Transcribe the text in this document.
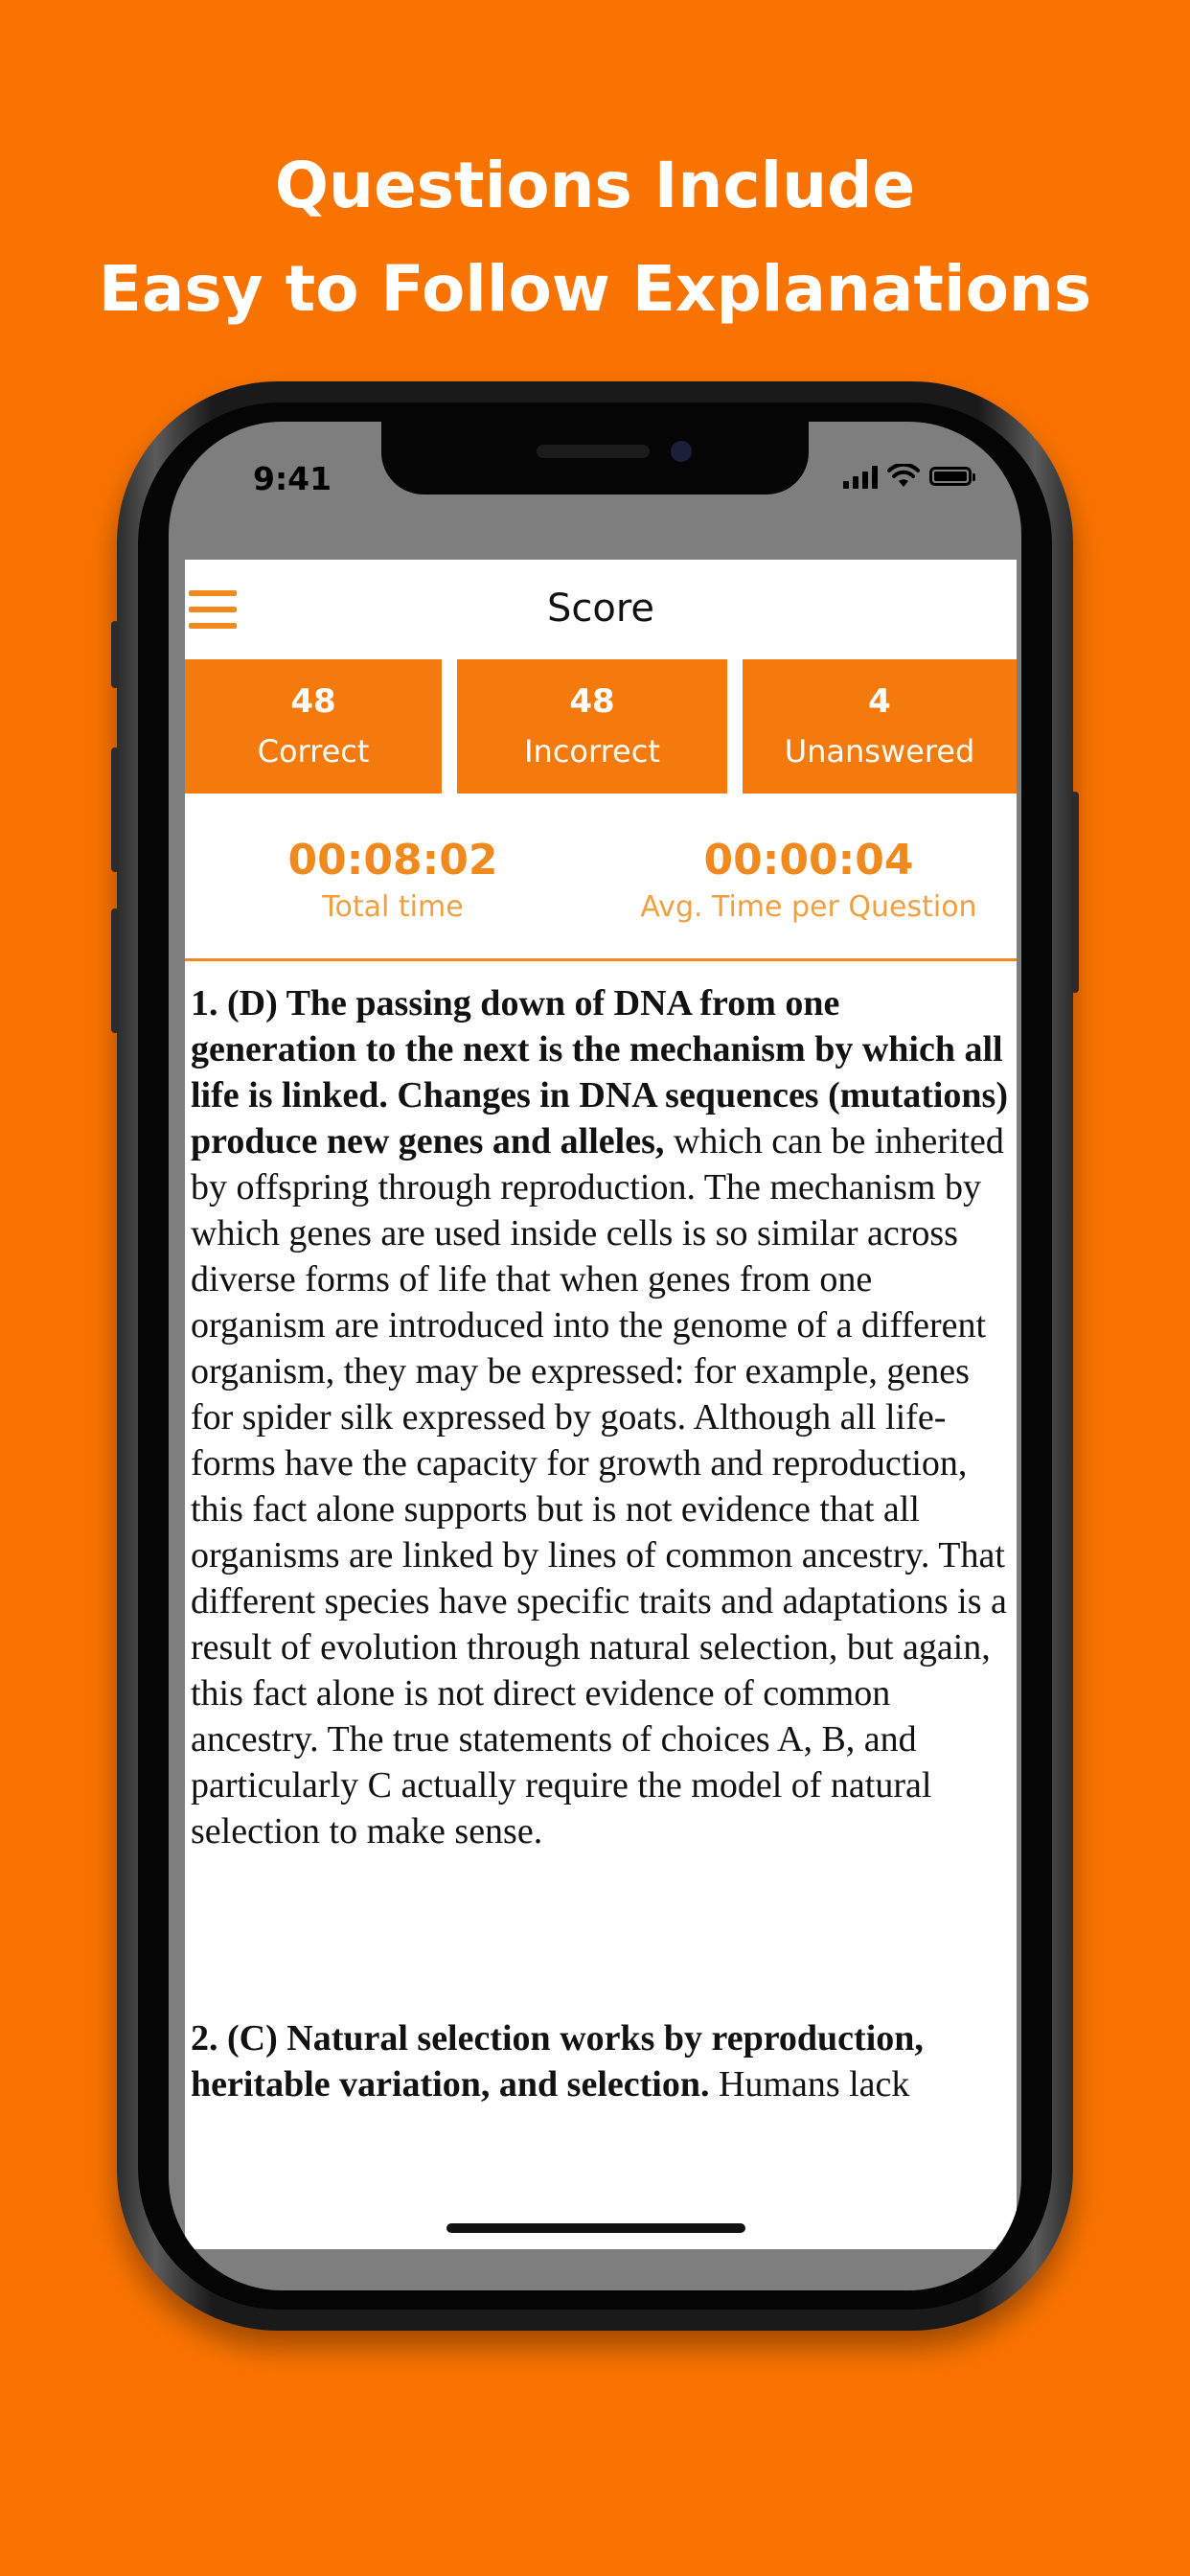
Questions Include
Easy to Follow Explanations
9:41
Score
48
Correct
48
Incorrect
4
Unanswered
00:08:02
Total time
00:00:04
Avg. Time per Question

1. (D) The passing down of DNA from one generation to the next is the mechanism by which all life is linked. Changes in DNA sequences (mutations) produce new genes and alleles, which can be inherited by offspring through reproduction. The mechanism by which genes are used inside cells is so similar across diverse forms of life that when genes from one organism are introduced into the genome of a different organism, they may be expressed: for example, genes for spider silk expressed by goats. Although all life-forms have the capacity for growth and reproduction, this fact alone supports but is not evidence that all organisms are linked by lines of common ancestry. That different species have specific traits and adaptations is a result of evolution through natural selection, but again, this fact alone is not direct evidence of common ancestry. The true statements of choices A, B, and particularly C actually require the model of natural selection to make sense.

2. (C) Natural selection works by reproduction, heritable variation, and selection. Humans lack
